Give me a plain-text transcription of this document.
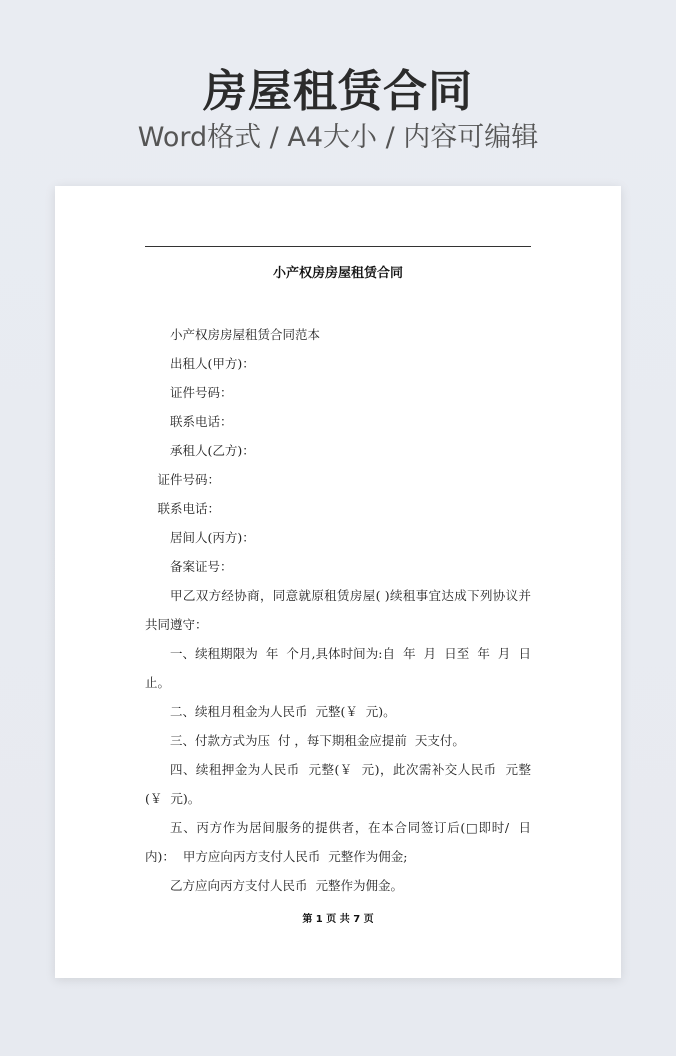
房屋租赁合同
Word格式 / A4大小 / 内容可编辑
小产权房房屋租赁合同

小产权房房屋租赁合同范本

出租人(甲方)：

证件号码：

联系电话：

承租人(乙方)：

证件号码：

联系电话：

居间人(丙方)：

备案证号：

甲乙双方经协商，同意就原租赁房屋( )续租事宜达成下列协议并共同遵守：

一、续租期限为  年  个月,具体时间为:自  年  月  日至  年  月  日止。

二、续租月租金为人民币  元整(￥  元)。

三、付款方式为压  付 ，每下期租金应提前  天支付。

四、续租押金为人民币  元整(￥  元)，此次需补交人民币  元整(￥  元)。

五、丙方作为居间服务的提供者，在本合同签订后(□即时/  日内)：  甲方应向丙方支付人民币  元整作为佣金;

乙方应向丙方支付人民币  元整作为佣金。

第 1 页 共 7 页
